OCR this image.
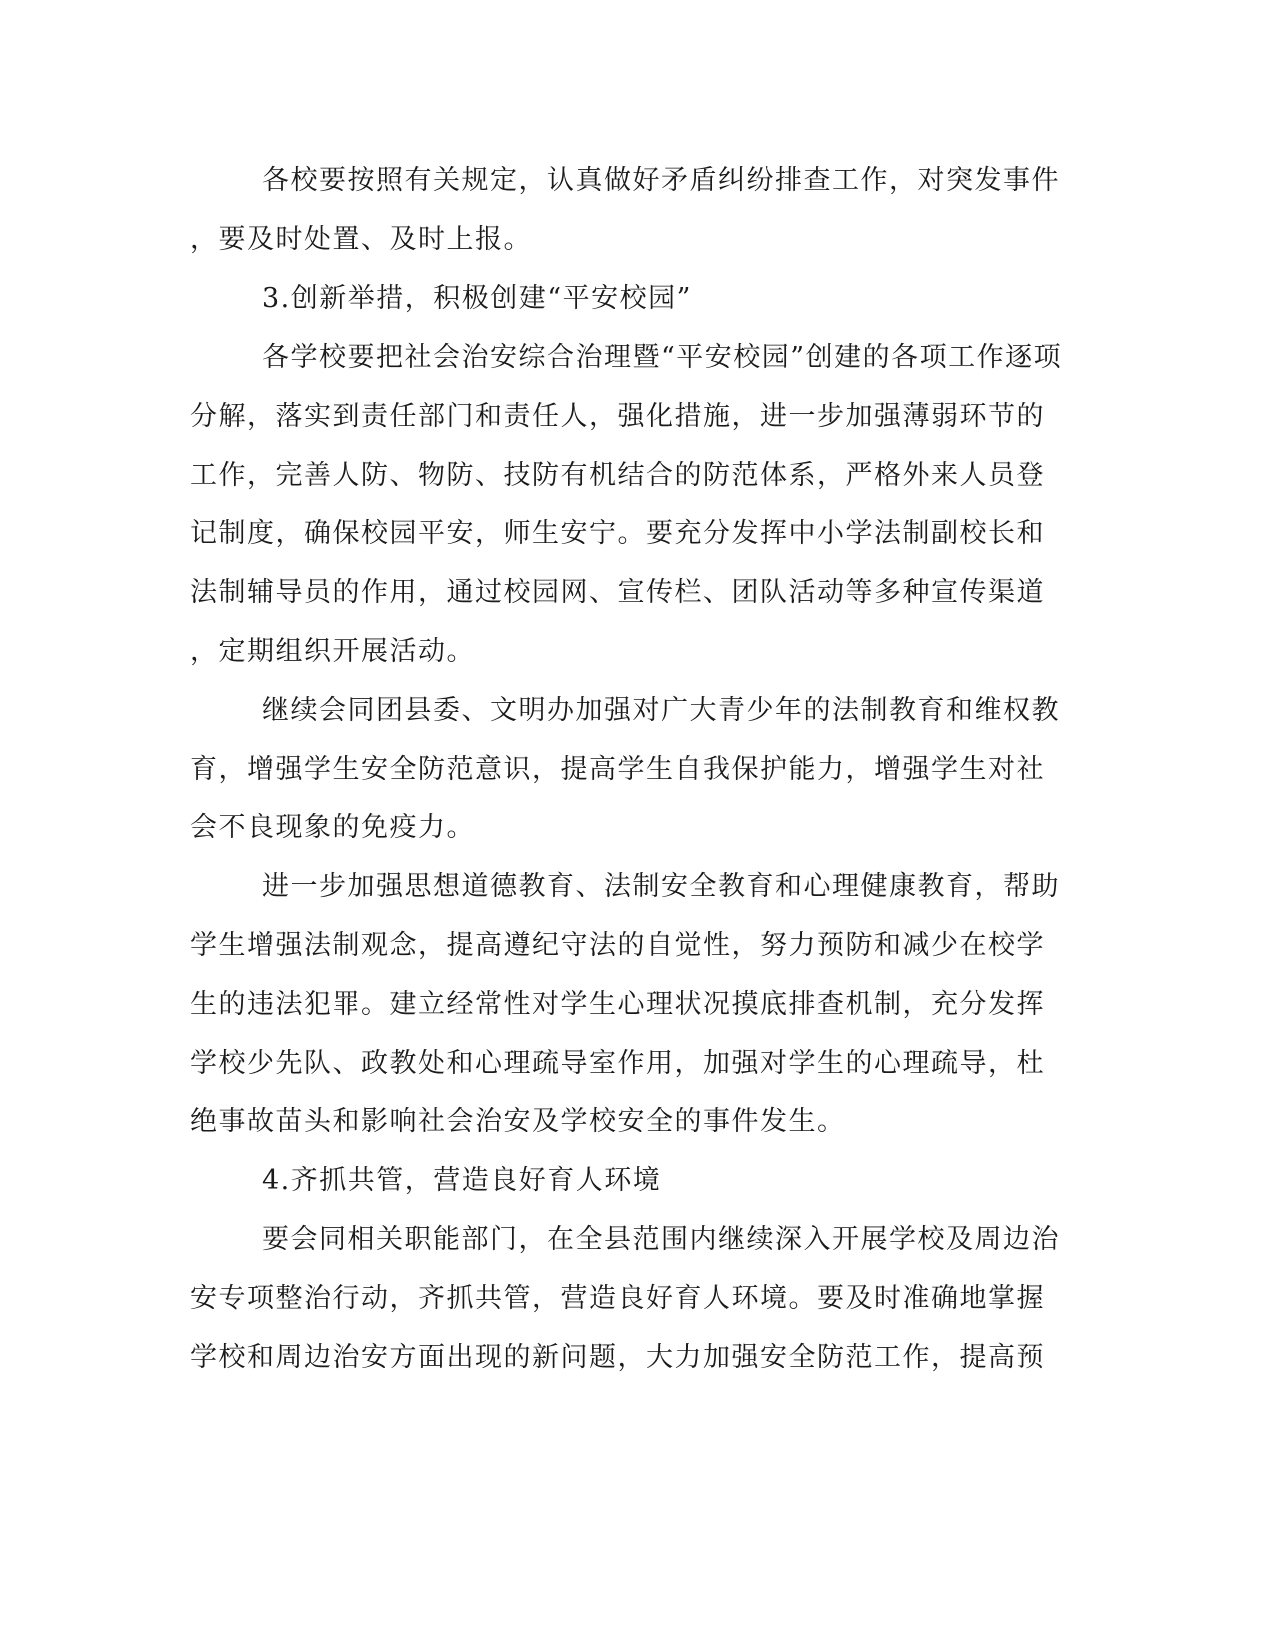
各校要按照有关规定，认真做好矛盾纠纷排查工作，对突发事件
，要及时处置、及时上报。
3.创新举措，积极创建“平安校园”
各学校要把社会治安综合治理暨“平安校园”创建的各项工作逐项
分解，落实到责任部门和责任人，强化措施，进一步加强薄弱环节的
工作，完善人防、物防、技防有机结合的防范体系，严格外来人员登
记制度，确保校园平安，师生安宁。要充分发挥中小学法制副校长和
法制辅导员的作用，通过校园网、宣传栏、团队活动等多种宣传渠道
，定期组织开展活动。
继续会同团县委、文明办加强对广大青少年的法制教育和维权教
育，增强学生安全防范意识，提高学生自我保护能力，增强学生对社
会不良现象的免疫力。
进一步加强思想道德教育、法制安全教育和心理健康教育，帮助
学生增强法制观念，提高遵纪守法的自觉性，努力预防和减少在校学
生的违法犯罪。建立经常性对学生心理状况摸底排查机制，充分发挥
学校少先队、政教处和心理疏导室作用，加强对学生的心理疏导，杜
绝事故苗头和影响社会治安及学校安全的事件发生。
4.齐抓共管，营造良好育人环境
要会同相关职能部门，在全县范围内继续深入开展学校及周边治
安专项整治行动，齐抓共管，营造良好育人环境。要及时准确地掌握
学校和周边治安方面出现的新问题，大力加强安全防范工作，提高预
